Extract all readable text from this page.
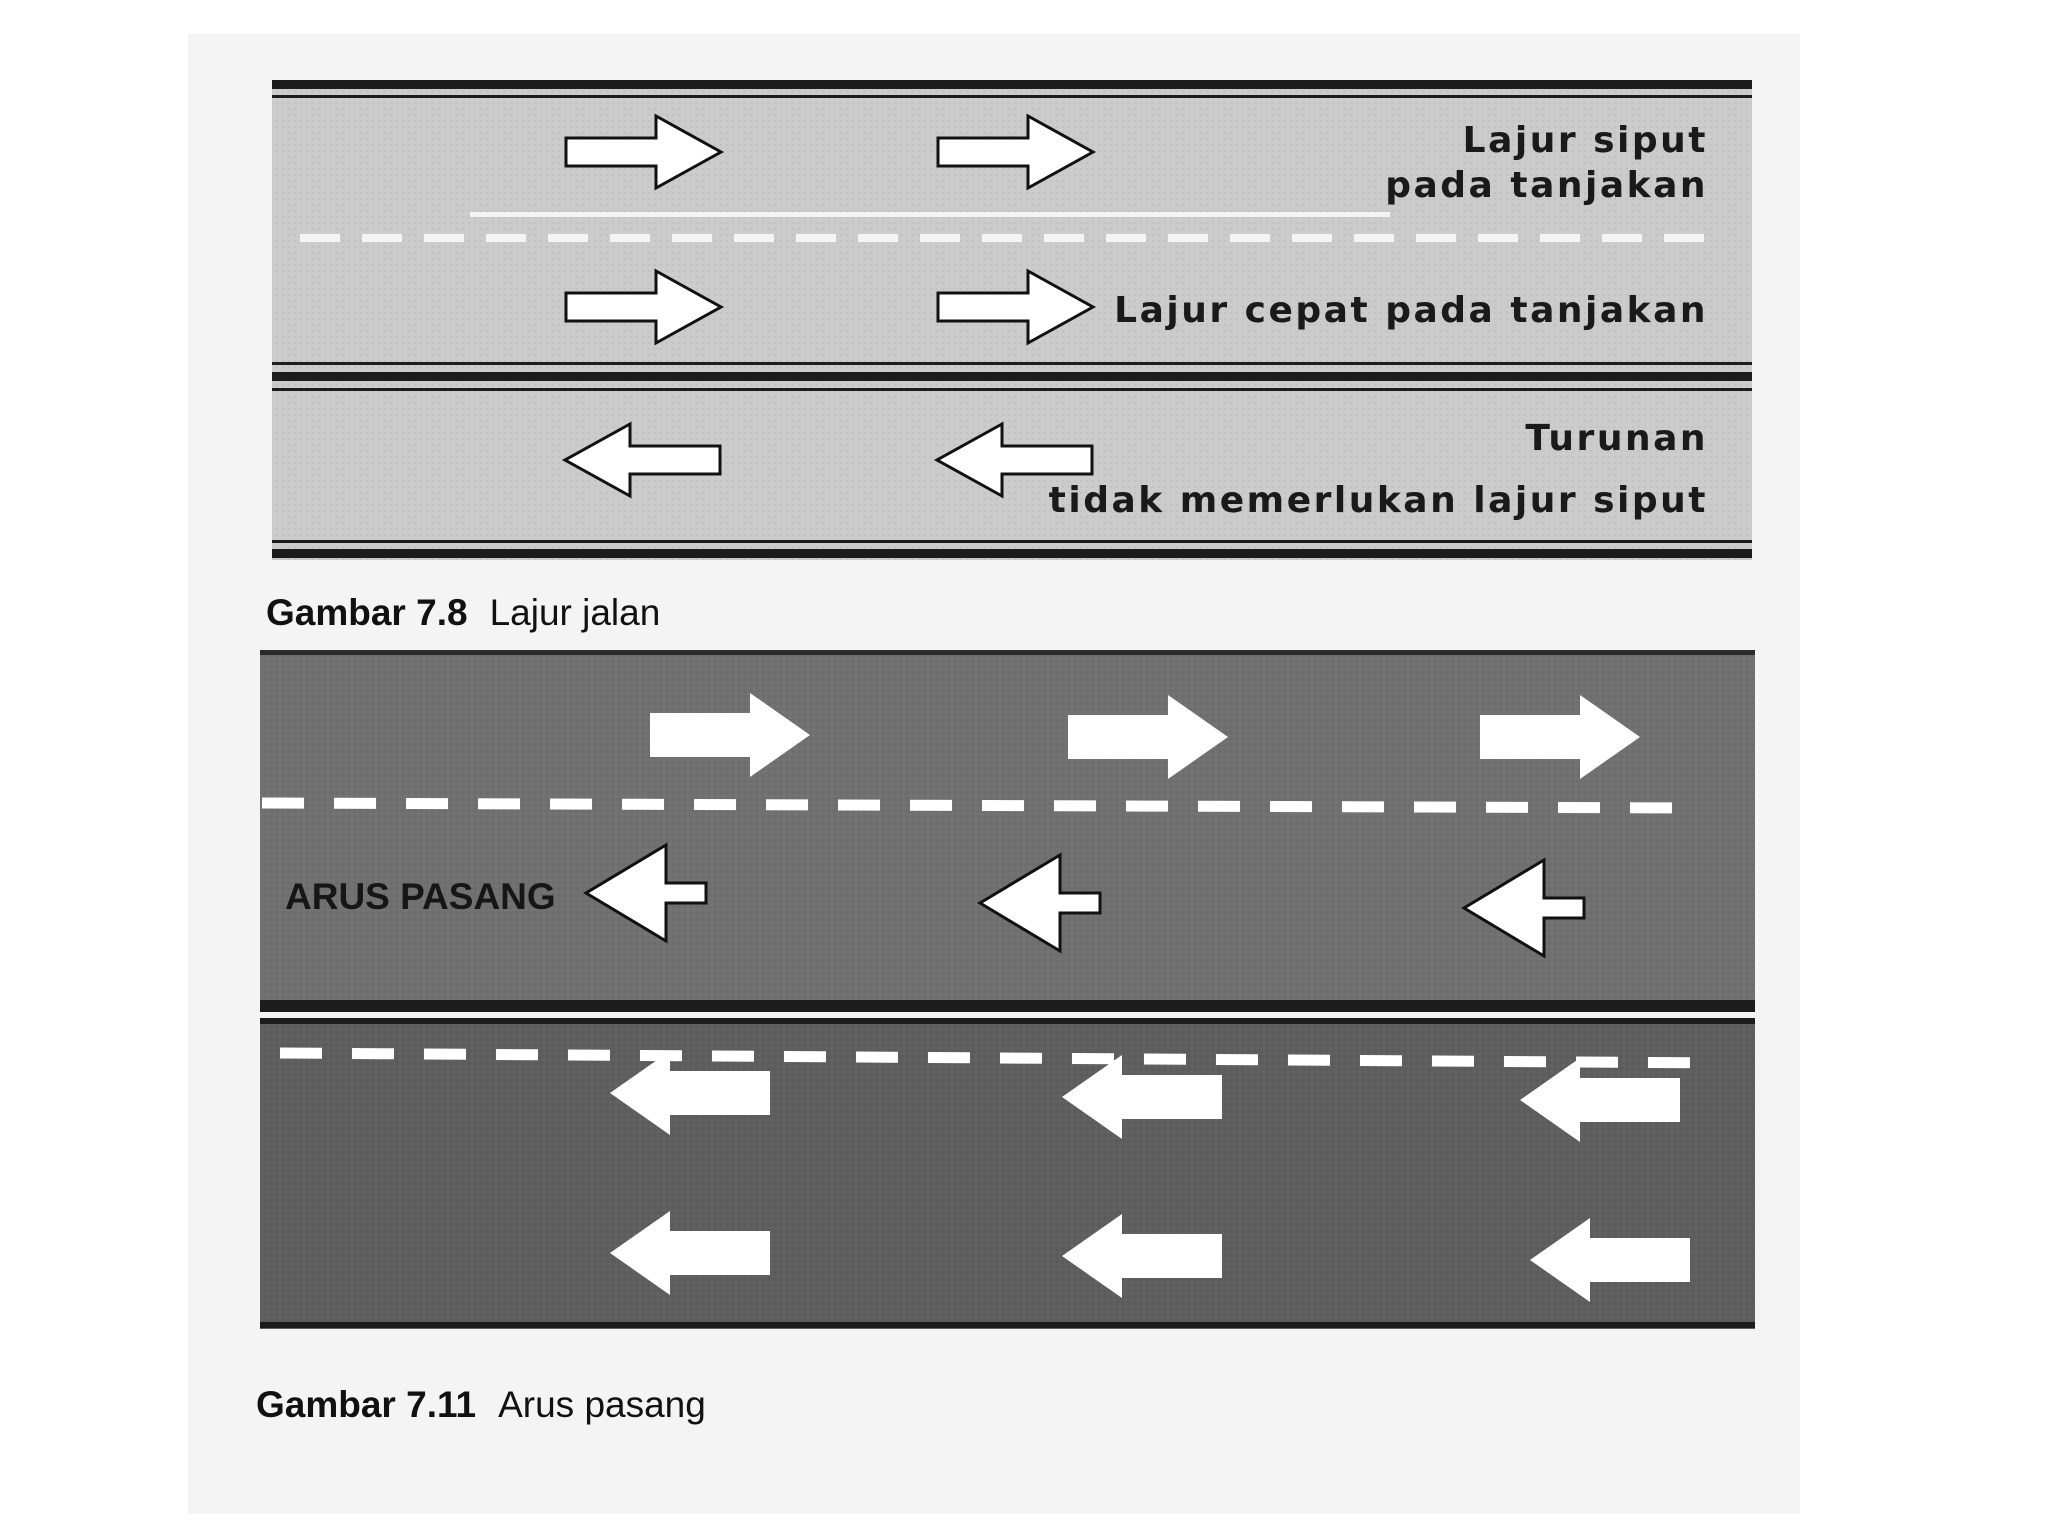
Lajur siput
pada tanjakan
Lajur cepat pada tanjakan
Turunan
tidak memerlukan lajur siput
Gambar 7.8 Lajur jalan
ARUS PASANG
Gambar 7.11 Arus pasang
